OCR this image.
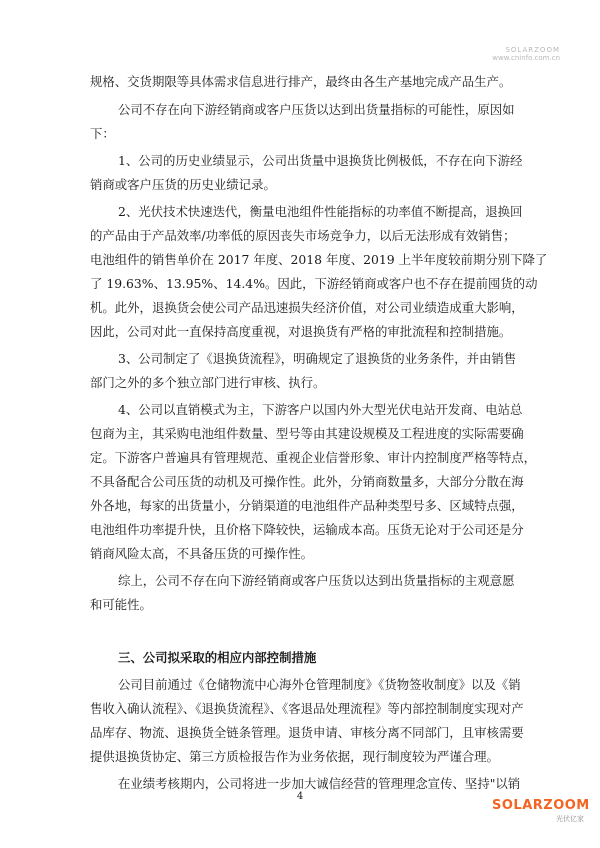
SOLARZOOM
www.cninfo.com.cn
规格、交货期限等具体需求信息进行排产，最终由各生产基地完成产品生产。
公司不存在向下游经销商或客户压货以达到出货量指标的可能性，原因如
下：
1、公司的历史业绩显示，公司出货量中退换货比例极低，不存在向下游经
销商或客户压货的历史业绩记录。
2、光伏技术快速迭代，衡量电池组件性能指标的功率值不断提高，退换回
的产品由于产品效率/功率低的原因丧失市场竞争力，以后无法形成有效销售；
电池组件的销售单价在 2017 年度、2018 年度、2019 上半年度较前期分别下降了
了 19.63%、13.95%、14.4%。因此，下游经销商或客户也不存在提前囤货的动
机。此外，退换货会使公司产品迅速损失经济价值，对公司业绩造成重大影响，
因此，公司对此一直保持高度重视，对退换货有严格的审批流程和控制措施。
3、公司制定了《退换货流程》，明确规定了退换货的业务条件，并由销售
部门之外的多个独立部门进行审核、执行。
4、公司以直销模式为主，下游客户以国内外大型光伏电站开发商、电站总
包商为主，其采购电池组件数量、型号等由其建设规模及工程进度的实际需要确
定。下游客户普遍具有管理规范、重视企业信誉形象、审计内控制度严格等特点，
不具备配合公司压货的动机及可操作性。此外，分销商数量多，大部分分散在海
外各地，每家的出货量小，分销渠道的电池组件产品种类型号多、区域特点强，
电池组件功率提升快，且价格下降较快，运输成本高。压货无论对于公司还是分
销商风险太高，不具备压货的可操作性。
综上，公司不存在向下游经销商或客户压货以达到出货量指标的主观意愿
和可能性。
三、公司拟采取的相应内部控制措施
公司目前通过《仓储物流中心海外仓管理制度》《货物签收制度》以及《销
售收入确认流程》、《退换货流程》、《客退品处理流程》等内部控制制度实现对产
品库存、物流、退换货全链条管理。退货申请、审核分离不同部门，且审核需要
提供退换货协定、第三方质检报告作为业务依据，现行制度较为严谨合理。
在业绩考核期内，公司将进一步加大诚信经营的管理理念宣传、坚持"以销
4
SOLARZOOM
光伏亿家
